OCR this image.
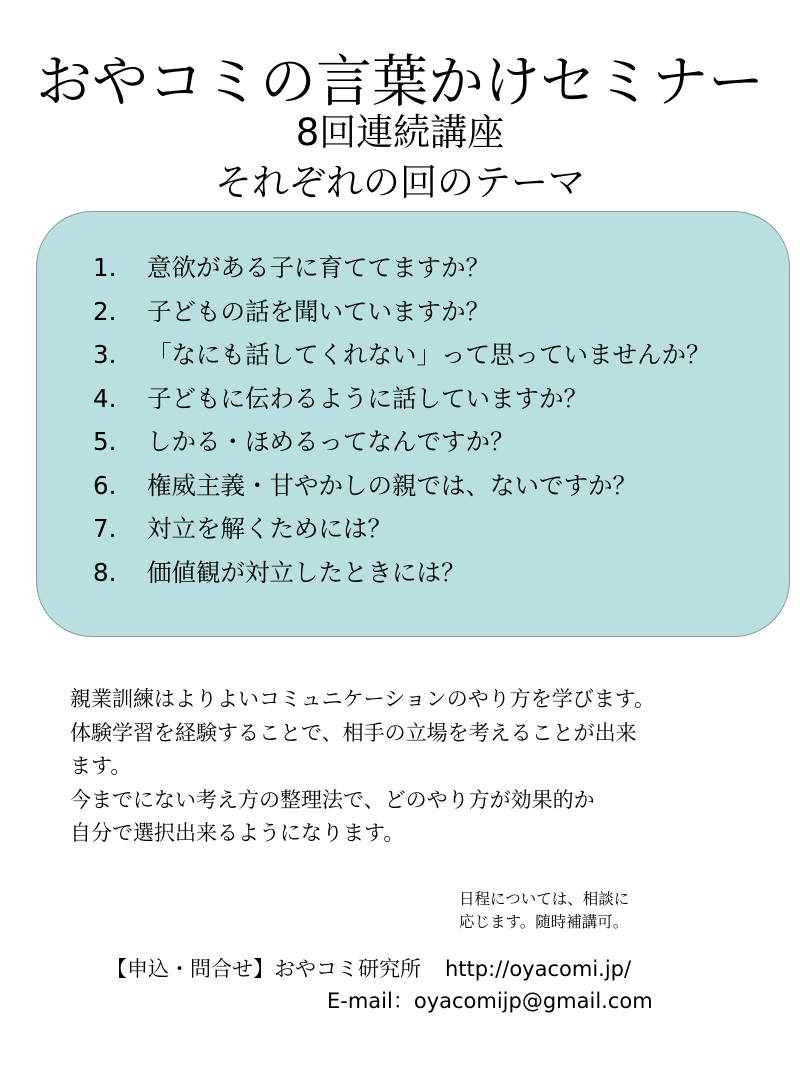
おやコミの言葉かけセミナー
8回連続講座
それぞれの回のテーマ
1. 意欲がある子に育ててますか？
2. 子どもの話を聞いていますか？
3. 「なにも話してくれない」って思っていませんか？
4. 子どもに伝わるように話していますか？
5. しかる・ほめるってなんですか？
6. 権威主義・甘やかしの親では、ないですか？
7. 対立を解くためには？
8. 価値観が対立したときには？
親業訓練はよりよいコミュニケーションのやり方を学びます。
体験学習を経験することで、相手の立場を考えることが出来
ます。
今までにない考え方の整理法で、どのやり方が効果的か
自分で選択出来るようになります。
日程については、相談に
応じます。随時補講可。
【申込・問合せ】おやコミ研究所 http://oyacomi.jp/
E-mail：oyacomijp@gmail.com
